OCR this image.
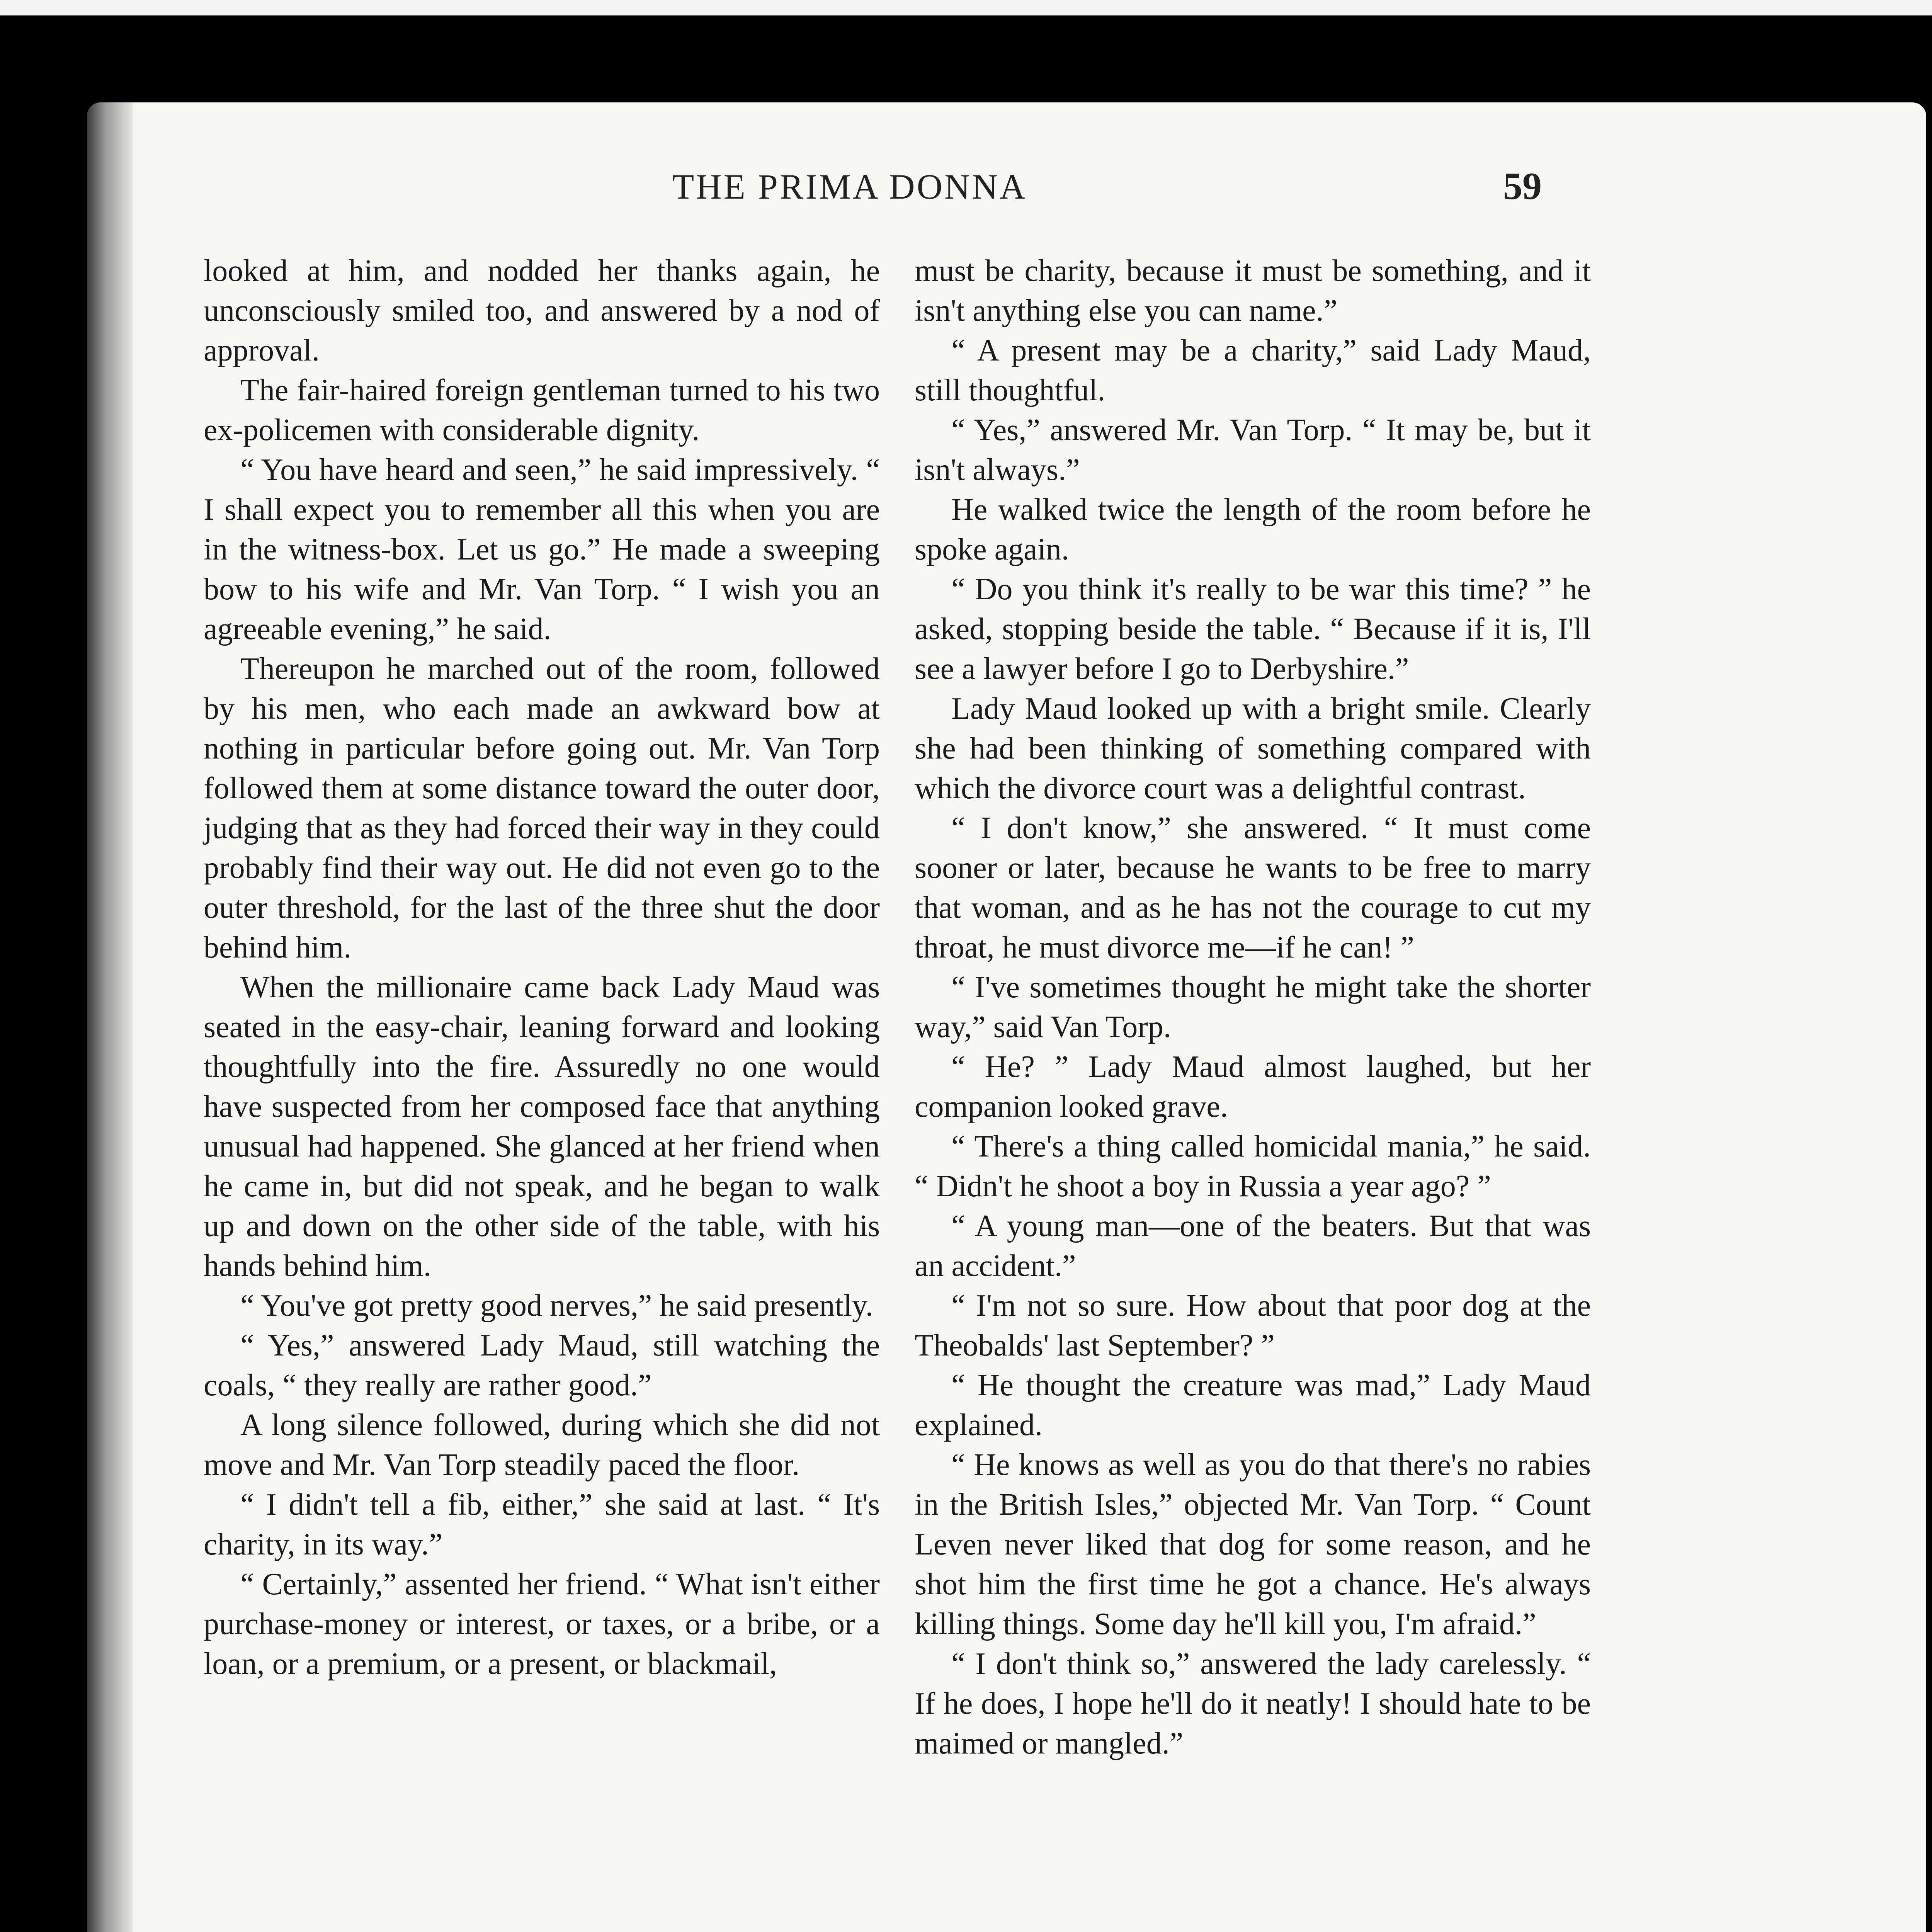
THE PRIMA DONNA	59

looked at him, and nodded her thanks again, he unconsciously smiled too, and answered by a nod of approval.

The fair-haired foreign gentleman turned to his two ex-policemen with considerable dignity.

“ You have heard and seen,” he said impressively. “ I shall expect you to remember all this when you are in the witness-box. Let us go.” He made a sweeping bow to his wife and Mr. Van Torp. “ I wish you an agreeable evening,” he said.

Thereupon he marched out of the room, followed by his men, who each made an awkward bow at nothing in particular before going out. Mr. Van Torp followed them at some distance toward the outer door, judging that as they had forced their way in they could probably find their way out. He did not even go to the outer threshold, for the last of the three shut the door behind him.

When the millionaire came back Lady Maud was seated in the easy-chair, leaning forward and looking thoughtfully into the fire. Assuredly no one would have suspected from her composed face that anything unusual had happened. She glanced at her friend when he came in, but did not speak, and he began to walk up and down on the other side of the table, with his hands behind him.

“ You've got pretty good nerves,” he said presently.

“ Yes,” answered Lady Maud, still watching the coals, “ they really are rather good.”

A long silence followed, during which she did not move and Mr. Van Torp steadily paced the floor.

“ I didn't tell a fib, either,” she said at last. “ It's charity, in its way.”

“ Certainly,” assented her friend. “ What isn't either purchase-money or interest, or taxes, or a bribe, or a loan, or a premium, or a present, or blackmail,

must be charity, because it must be something, and it isn't anything else you can name.”

“ A present may be a charity,” said Lady Maud, still thoughtful.

“ Yes,” answered Mr. Van Torp. “ It may be, but it isn't always.”

He walked twice the length of the room before he spoke again.

“ Do you think it's really to be war this time? ” he asked, stopping beside the table. “ Because if it is, I'll see a lawyer before I go to Derbyshire.”

Lady Maud looked up with a bright smile. Clearly she had been thinking of something compared with which the divorce court was a delightful contrast.

“ I don't know,” she answered. “ It must come sooner or later, because he wants to be free to marry that woman, and as he has not the courage to cut my throat, he must divorce me—if he can! ”

“ I've sometimes thought he might take the shorter way,” said Van Torp.

“ He? ” Lady Maud almost laughed, but her companion looked grave.

“ There's a thing called homicidal mania,” he said. “ Didn't he shoot a boy in Russia a year ago? ”

“ A young man—one of the beaters. But that was an accident.”

“ I'm not so sure. How about that poor dog at the Theobalds' last September? ”

“ He thought the creature was mad,” Lady Maud explained.

“ He knows as well as you do that there's no rabies in the British Isles,” objected Mr. Van Torp. “ Count Leven never liked that dog for some reason, and he shot him the first time he got a chance. He's always killing things. Some day he'll kill you, I'm afraid.”

“ I don't think so,” answered the lady carelessly. “ If he does, I hope he'll do it neatly! I should hate to be maimed or mangled.”
